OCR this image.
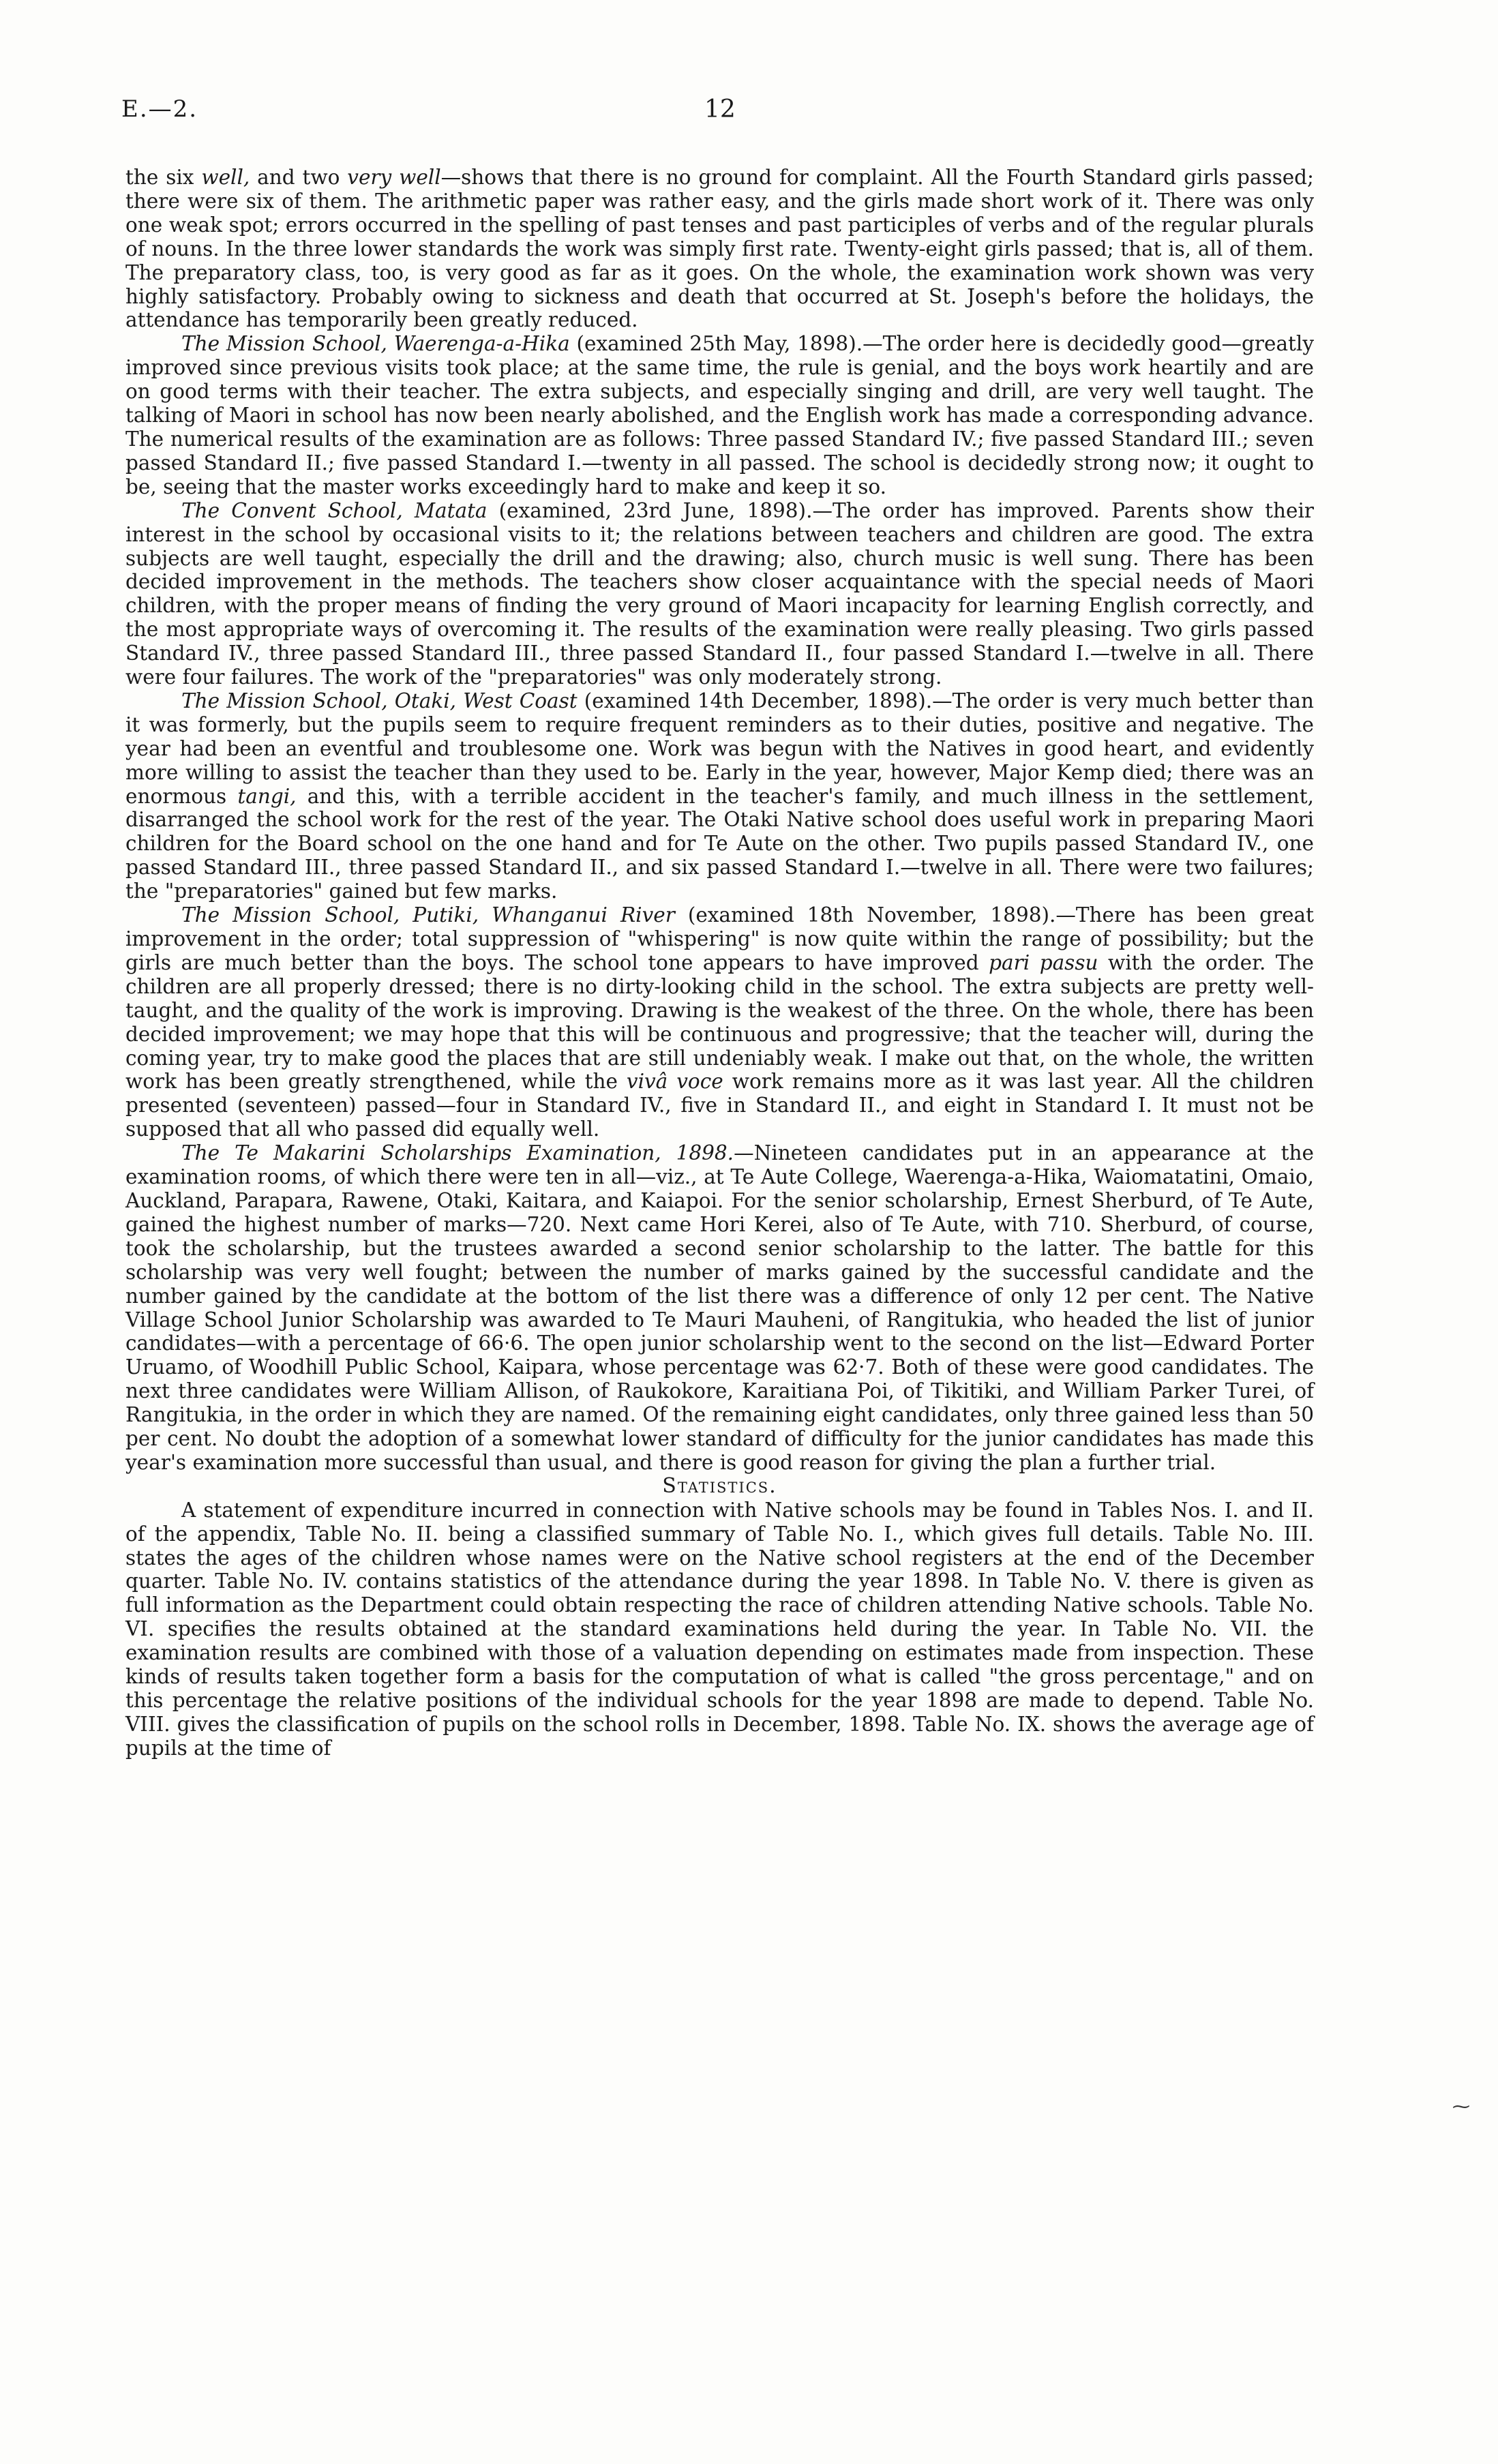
E.—2.	12

the six well, and two very well—shows that there is no ground for complaint. All the Fourth Standard girls passed; there were six of them. The arithmetic paper was rather easy, and the girls made short work of it. There was only one weak spot; errors occurred in the spelling of past tenses and past participles of verbs and of the regular plurals of nouns. In the three lower standards the work was simply first rate. Twenty-eight girls passed; that is, all of them. The preparatory class, too, is very good as far as it goes. On the whole, the examination work shown was very highly satisfactory. Probably owing to sickness and death that occurred at St. Joseph's before the holidays, the attendance has temporarily been greatly reduced.

The Mission School, Waerenga-a-Hika (examined 25th May, 1898).—The order here is decidedly good—greatly improved since previous visits took place; at the same time, the rule is genial, and the boys work heartily and are on good terms with their teacher. The extra subjects, and especially singing and drill, are very well taught. The talking of Maori in school has now been nearly abolished, and the English work has made a corresponding advance. The numerical results of the examination are as follows: Three passed Standard IV.; five passed Standard III.; seven passed Standard II.; five passed Standard I.—twenty in all passed. The school is decidedly strong now; it ought to be, seeing that the master works exceedingly hard to make and keep it so.

The Convent School, Matata (examined, 23rd June, 1898).—The order has improved. Parents show their interest in the school by occasional visits to it; the relations between teachers and children are good. The extra subjects are well taught, especially the drill and the drawing; also, church music is well sung. There has been decided improvement in the methods. The teachers show closer acquaintance with the special needs of Maori children, with the proper means of finding the very ground of Maori incapacity for learning English correctly, and the most appropriate ways of overcoming it. The results of the examination were really pleasing. Two girls passed Standard IV., three passed Standard III., three passed Standard II., four passed Standard I.—twelve in all. There were four failures. The work of the "preparatories" was only moderately strong.

The Mission School, Otaki, West Coast (examined 14th December, 1898).—The order is very much better than it was formerly, but the pupils seem to require frequent reminders as to their duties, positive and negative. The year had been an eventful and troublesome one. Work was begun with the Natives in good heart, and evidently more willing to assist the teacher than they used to be. Early in the year, however, Major Kemp died; there was an enormous tangi, and this, with a terrible accident in the teacher's family, and much illness in the settlement, disarranged the school work for the rest of the year. The Otaki Native school does useful work in preparing Maori children for the Board school on the one hand and for Te Aute on the other. Two pupils passed Standard IV., one passed Standard III., three passed Standard II., and six passed Standard I.—twelve in all. There were two failures; the "preparatories" gained but few marks.

The Mission School, Putiki, Whanganui River (examined 18th November, 1898).—There has been great improvement in the order; total suppression of "whispering" is now quite within the range of possibility; but the girls are much better than the boys. The school tone appears to have improved pari passu with the order. The children are all properly dressed; there is no dirty-looking child in the school. The extra subjects are pretty well-taught, and the quality of the work is improving. Drawing is the weakest of the three. On the whole, there has been decided improvement; we may hope that this will be continuous and progressive; that the teacher will, during the coming year, try to make good the places that are still undeniably weak. I make out that, on the whole, the written work has been greatly strengthened, while the vivâ voce work remains more as it was last year. All the children presented (seventeen) passed—four in Standard IV., five in Standard II., and eight in Standard I. It must not be supposed that all who passed did equally well.

The Te Makarini Scholarships Examination, 1898.—Nineteen candidates put in an appearance at the examination rooms, of which there were ten in all—viz., at Te Aute College, Waerenga-a-Hika, Waiomatatini, Omaio, Auckland, Parapara, Rawene, Otaki, Kaitara, and Kaiapoi. For the senior scholarship, Ernest Sherburd, of Te Aute, gained the highest number of marks—720. Next came Hori Kerei, also of Te Aute, with 710. Sherburd, of course, took the scholarship, but the trustees awarded a second senior scholarship to the latter. The battle for this scholarship was very well fought; between the number of marks gained by the successful candidate and the number gained by the candidate at the bottom of the list there was a difference of only 12 per cent. The Native Village School Junior Scholarship was awarded to Te Mauri Mauheni, of Rangitukia, who headed the list of junior candidates—with a percentage of 66·6. The open junior scholarship went to the second on the list—Edward Porter Uruamo, of Woodhill Public School, Kaipara, whose percentage was 62·7. Both of these were good candidates. The next three candidates were William Allison, of Raukokore, Karaitiana Poi, of Tikitiki, and William Parker Turei, of Rangitukia, in the order in which they are named. Of the remaining eight candidates, only three gained less than 50 per cent. No doubt the adoption of a somewhat lower standard of difficulty for the junior candidates has made this year's examination more successful than usual, and there is good reason for giving the plan a further trial.

Statistics.

A statement of expenditure incurred in connection with Native schools may be found in Tables Nos. I. and II. of the appendix, Table No. II. being a classified summary of Table No. I., which gives full details. Table No. III. states the ages of the children whose names were on the Native school registers at the end of the December quarter. Table No. IV. contains statistics of the attendance during the year 1898. In Table No. V. there is given as full information as the Department could obtain respecting the race of children attending Native schools. Table No. VI. specifies the results obtained at the standard examinations held during the year. In Table No. VII. the examination results are combined with those of a valuation depending on estimates made from inspection. These kinds of results taken together form a basis for the computation of what is called "the gross percentage," and on this percentage the relative positions of the individual schools for the year 1898 are made to depend. Table No. VIII. gives the classification of pupils on the school rolls in December, 1898. Table No. IX. shows the average age of pupils at the time of

⁓
